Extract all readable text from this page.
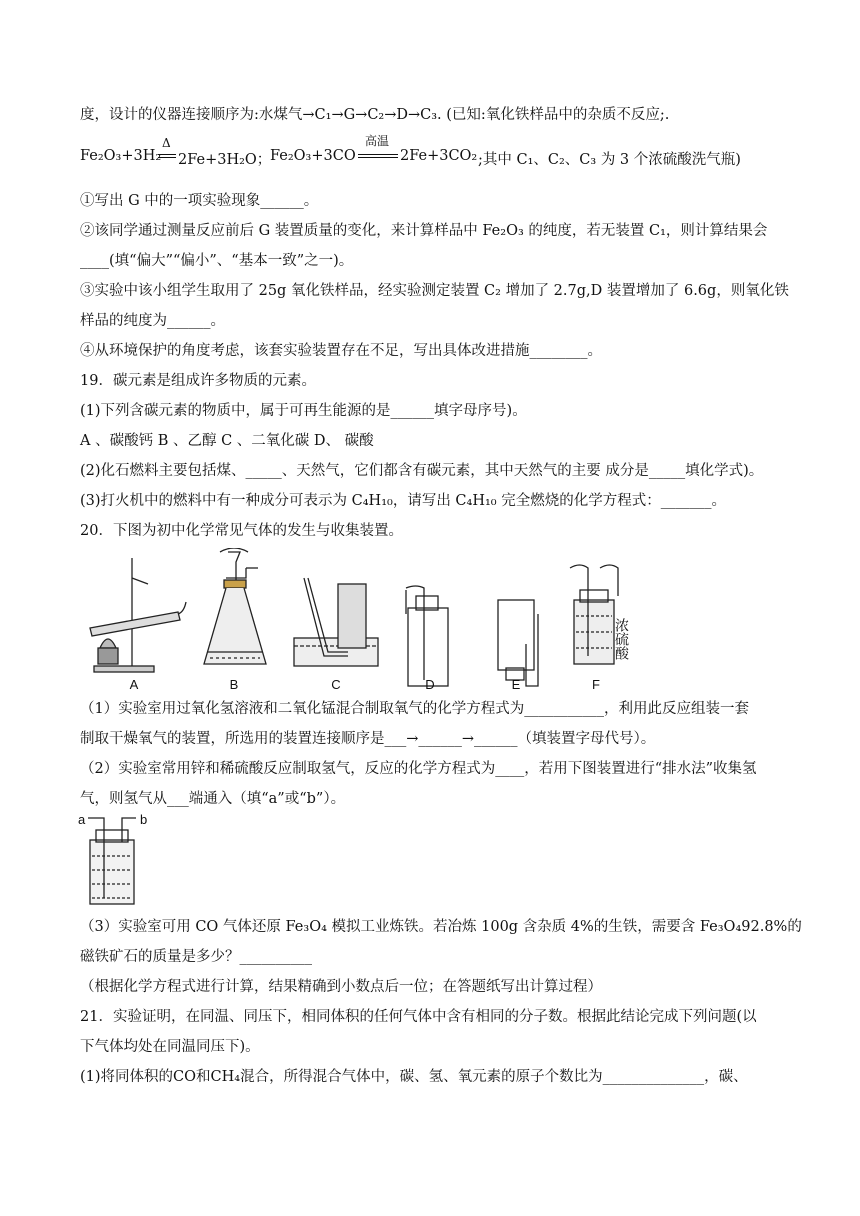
度，设计的仪器连接顺序为:水煤气→C₁→G→C₂→D→C₃. (已知:氧化铁样品中的杂质不反应;.
Fe₂O₃+3H₂
Δ
2Fe+3H₂O；
Fe₂O₃+3CO
高温
2Fe+3CO₂ ;其中 C₁、C₂、C₃ 为 3 个浓硫酸洗气瓶)
①写出 G 中的一项实验现象______。
②该同学通过测量反应前后 G 装置质量的变化，来计算样品中 Fe₂O₃ 的纯度，若无装置 C₁，则计算结果会
____(填“偏大”“偏小”、“基本一致”之一)。
③实验中该小组学生取用了 25g 氧化铁样品，经实验测定装置 C₂ 增加了 2.7g,D 装置增加了 6.6g，则氧化铁
样品的纯度为______。
④从环境保护的角度考虑，该套实验装置存在不足，写出具体改进措施________。
19．碳元素是组成许多物质的元素。
(1)下列含碳元素的物质中，属于可再生能源的是______填字母序号)。
A 、碳酸钙 B 、乙醇 C 、二氧化碳 D、 碳酸
(2)化石燃料主要包括煤、_____、天然气，它们都含有碳元素，其中天然气的主要 成分是_____填化学式)。
(3)打火机中的燃料中有一种成分可表示为 C₄H₁₀，请写出 C₄H₁₀ 完全燃烧的化学方程式：_______。
20．下图为初中化学常见气体的发生与收集装置。
A	B	C	D	E	F
浓硫酸
（1）实验室用过氧化氢溶液和二氧化锰混合制取氧气的化学方程式为___________，利用此反应组装一套
制取干燥氧气的装置，所选用的装置连接顺序是___→______→______（填装置字母代号）。
（2）实验室常用锌和稀硫酸反应制取氢气，反应的化学方程式为____，若用下图装置进行“排水法”收集氢
气，则氢气从___端通入（填“a”或“b”）。
a	b
（3）实验室可用 CO 气体还原 Fe₃O₄ 模拟工业炼铁。若冶炼 100g 含杂质 4%的生铁，需要含 Fe₃O₄92.8%的
磁铁矿石的质量是多少？__________
（根据化学方程式进行计算，结果精确到小数点后一位；在答题纸写出计算过程）
21．实验证明，在同温、同压下，相同体积的任何气体中含有相同的分子数。根据此结论完成下列问题(以
下气体均处在同温同压下)。
(1)将同体积的CO和CH₄混合，所得混合气体中，碳、氢、氧元素的原子个数比为______________，碳、
